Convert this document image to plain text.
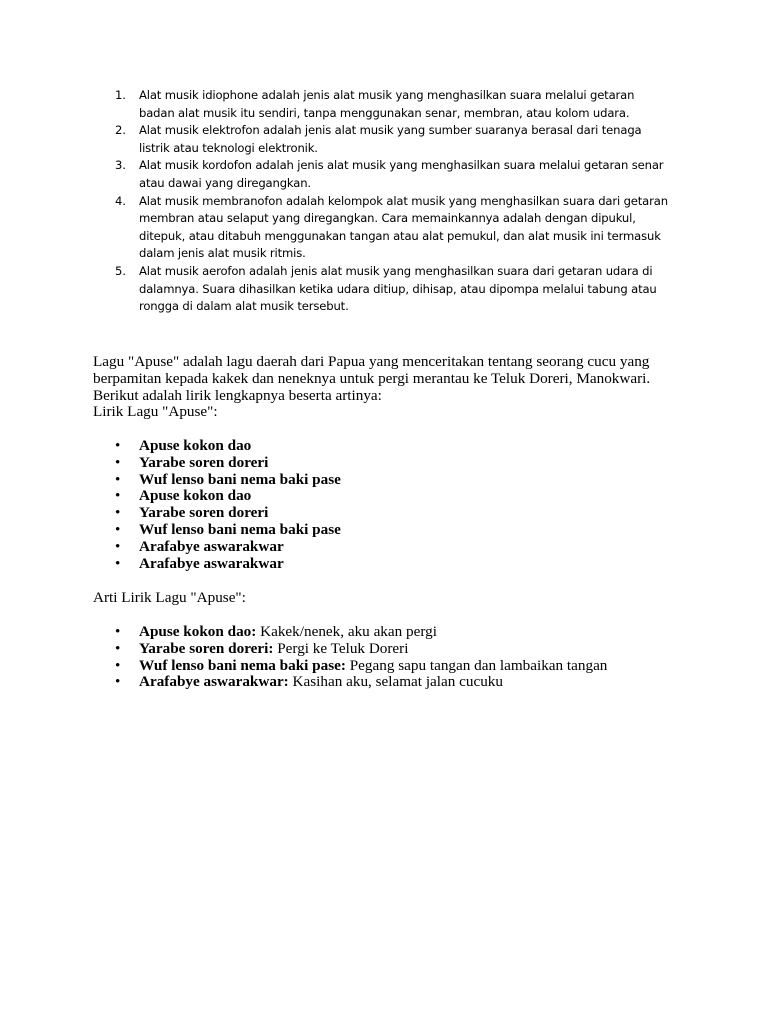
1. Alat musik idiophone adalah jenis alat musik yang menghasilkan suara melalui getaran
badan alat musik itu sendiri, tanpa menggunakan senar, membran, atau kolom udara.
2. Alat musik elektrofon adalah jenis alat musik yang sumber suaranya berasal dari tenaga
listrik atau teknologi elektronik.
3. Alat musik kordofon adalah jenis alat musik yang menghasilkan suara melalui getaran senar
atau dawai yang diregangkan.
4. Alat musik membranofon adalah kelompok alat musik yang menghasilkan suara dari getaran
membran atau selaput yang diregangkan. Cara memainkannya adalah dengan dipukul,
ditepuk, atau ditabuh menggunakan tangan atau alat pemukul, dan alat musik ini termasuk
dalam jenis alat musik ritmis.
5. Alat musik aerofon adalah jenis alat musik yang menghasilkan suara dari getaran udara di
dalamnya. Suara dihasilkan ketika udara ditiup, dihisap, atau dipompa melalui tabung atau
rongga di dalam alat musik tersebut.

Lagu "Apuse" adalah lagu daerah dari Papua yang menceritakan tentang seorang cucu yang
berpamitan kepada kakek dan neneknya untuk pergi merantau ke Teluk Doreri, Manokwari.
Berikut adalah lirik lengkapnya beserta artinya:
Lirik Lagu "Apuse":

• Apuse kokon dao
• Yarabe soren doreri
• Wuf lenso bani nema baki pase
• Apuse kokon dao
• Yarabe soren doreri
• Wuf lenso bani nema baki pase
• Arafabye aswarakwar
• Arafabye aswarakwar

Arti Lirik Lagu "Apuse":

• Apuse kokon dao: Kakek/nenek, aku akan pergi
• Yarabe soren doreri: Pergi ke Teluk Doreri
• Wuf lenso bani nema baki pase: Pegang sapu tangan dan lambaikan tangan
• Arafabye aswarakwar: Kasihan aku, selamat jalan cucuku
